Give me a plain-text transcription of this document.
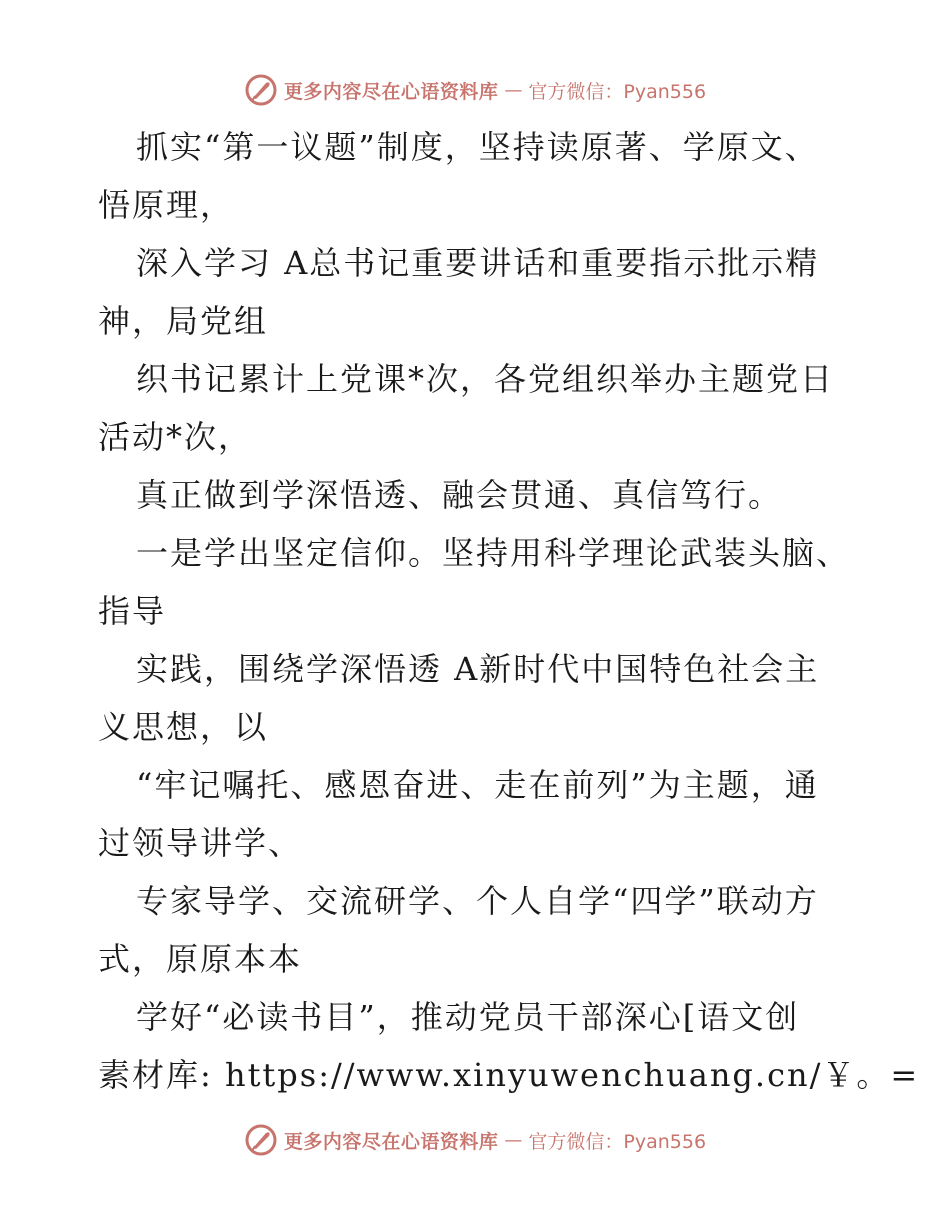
更多内容尽在心语资料库 — 官方微信：Pyan556
抓实“第一议题”制度，坚持读原著、学原文、
悟原理，
深入学习 A总书记重要讲话和重要指示批示精
神，局党组
织书记累计上党课*次，各党组织举办主题党日
活动*次，
真正做到学深悟透、融会贯通、真信笃行。
一是学出坚定信仰。坚持用科学理论武装头脑、
指导
实践，围绕学深悟透 A新时代中国特色社会主
义思想，以
“牢记嘱托、感恩奋进、走在前列”为主题，通
过领导讲学、
专家导学、交流研学、个人自学“四学”联动方
式，原原本本
学好“必读书目”，推动党员干部深心[语文创
素材库: https://www.xinyuwenchuang.cn/￥。=
更多内容尽在心语资料库 — 官方微信：Pyan556
